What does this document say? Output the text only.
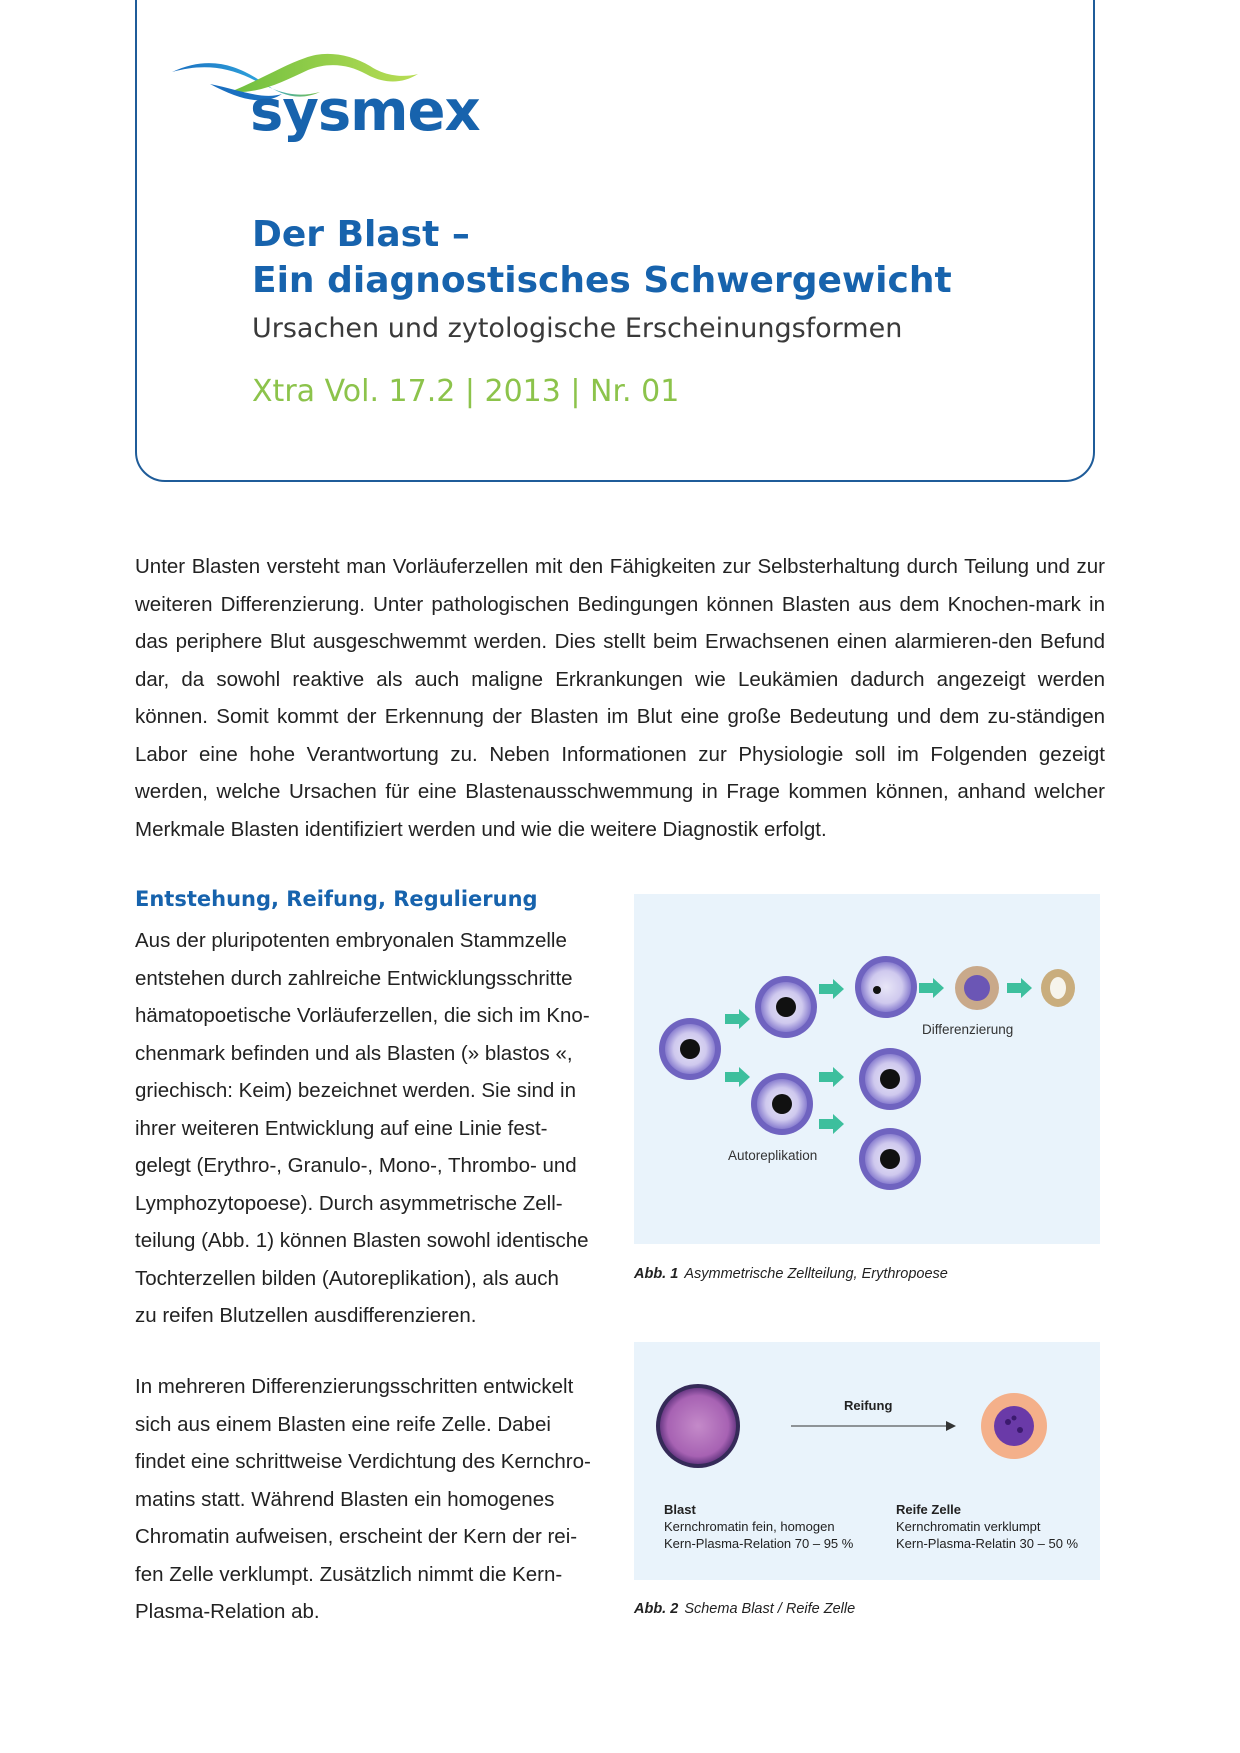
sysmex
Der Blast –
Ein diagnostisches Schwergewicht
Ursachen und zytologische Erscheinungsformen
Xtra Vol. 17.2 | 2013 | Nr. 01

Unter Blasten versteht man Vorläuferzellen mit den Fähigkeiten zur Selbsterhaltung durch Teilung und zur weiteren Differenzierung. Unter pathologischen Bedingungen können Blasten aus dem Knochen-mark in das periphere Blut ausgeschwemmt werden. Dies stellt beim Erwachsenen einen alarmieren-den Befund dar, da sowohl reaktive als auch maligne Erkrankungen wie Leukämien dadurch angezeigt werden können. Somit kommt der Erkennung der Blasten im Blut eine große Bedeutung und dem zu-ständigen Labor eine hohe Verantwortung zu. Neben Informationen zur Physiologie soll im Folgenden gezeigt werden, welche Ursachen für eine Blastenausschwemmung in Frage kommen können, anhand welcher Merkmale Blasten identifiziert werden und wie die weitere Diagnostik erfolgt.

Entstehung, Reifung, Regulierung

Aus der pluripotenten embryonalen Stammzelle
entstehen durch zahlreiche Entwicklungsschritte
hämatopoetische Vorläuferzellen, die sich im Kno-
chenmark befinden und als Blasten (» blastos «,
griechisch: Keim) bezeichnet werden. Sie sind in
ihrer weiteren Entwicklung auf eine Linie fest-
gelegt (Erythro-, Granulo-, Mono-, Thrombo- und
Lymphozytopoese). Durch asymmetrische Zell-
teilung (Abb. 1) können Blasten sowohl identische
Tochterzellen bilden (Autoreplikation), als auch
zu reifen Blutzellen ausdifferenzieren.

In mehreren Differenzierungsschritten entwickelt
sich aus einem Blasten eine reife Zelle. Dabei
findet eine schrittweise Verdichtung des Kernchro-
matins statt. Während Blasten ein homogenes
Chromatin aufweisen, erscheint der Kern der rei-
fen Zelle verklumpt. Zusätzlich nimmt die Kern-
Plasma-Relation ab.

Differenzierung
Autoreplikation
Abb. 1 Asymmetrische Zellteilung, Erythropoese
Reifung
Blast
Kernchromatin fein, homogen
Kern-Plasma-Relation 70 – 95 %
Reife Zelle
Kernchromatin verklumpt
Kern-Plasma-Relatin 30 – 50 %
Abb. 2 Schema Blast / Reife Zelle
